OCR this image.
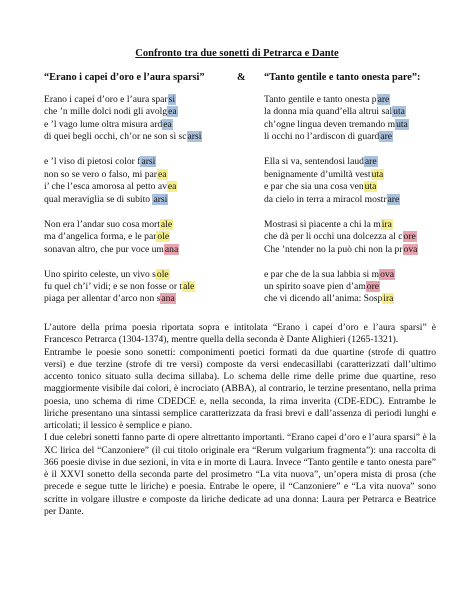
Confronto tra due sonetti di Petrarca e Dante
“Erano i capei d’oro e l’aura sparsi”	& “Tanto gentile e tanto onesta pare”:
Erano i capei d’oro e l’aura sparsi
che ’n mille dolci nodi gli avolgea
e ’l vago lume oltra misura ardea
di quei begli occhi, ch’or ne son sì scarsi
e ’l viso di pietosi color farsi
non so se vero o falso, mi parea
i’ che l’esca amorosa al petto avea
qual meraviglia se di subito arsi
Non era l’andar suo cosa mortale
ma d’angelica forma, e le parole
sonavan altro, che pur voce umana
Uno spirito celeste, un vivo sole
fu quel ch’i’ vidi; e se non fosse or tale
piaga per allentar d’arco non sana
Tanto gentile e tanto onesta pare
la donna mia quand’ella altrui saluta
ch’ogne lingua deven tremando muta
li occhi no l’ardiscon di guardare
Ella si va, sentendosi laudare
benignamente d’umiltà vestuta
e par che sia una cosa venuta
da cielo in terra a miracol mostrare
Mostrasi sì piacente a chi la mira
che dà per li occhi una dolcezza al core
Che ’ntender no la può chi non la prova
e par che de la sua labbia si mova
un spirito soave pien d’amore
che vi dicendo all’anima: Sospira

L’autore della prima poesia riportata sopra e intitolata “Erano i capei d’oro e l’aura sparsi” è Francesco Petrarca (1304-1374), mentre quella della seconda è Dante Alighieri (1265-1321).

Entrambe le poesie sono sonetti: componimenti poetici formati da due quartine (strofe di quattro versi) e due terzine (strofe di tre versi) composte da versi endecasillabi (caratterizzati dall’ultimo accento tonico situato sulla decima sillaba). Lo schema delle rime delle prime due quartine, reso maggiormente visibile dai colori, è incrociato (ABBA), al contrario, le terzine presentano, nella prima poesia, uno schema di rime CDEDCE e, nella seconda, la rima inverita (CDE-EDC). Entrambe le liriche presentano una sintassi semplice caratterizzata da frasi brevi e dall’assenza di periodi lunghi e articolati; il lessico è semplice e piano.

I due celebri sonetti fanno parte di opere altrettanto importanti. “Erano capei d’oro e l’aura sparsi” è la XC lirica del “Canzoniere” (il cui titolo originale era “Rerum vulgarium fragmenta”): una raccolta di 366 poesie divise in due sezioni, in vita e in morte di Laura. Invece “Tanto gentile e tanto onesta pare” è il XXVI sonetto della seconda parte del prosimetro “La vita nuova”, un’opera mista di prosa (che precede e segue tutte le liriche) e poesia. Entrabe le opere, il “Canzoniere” e “La vita nuova” sono scritte in volgare illustre e composte da liriche dedicate ad una donna: Laura per Petrarca e Beatrice per Dante.
